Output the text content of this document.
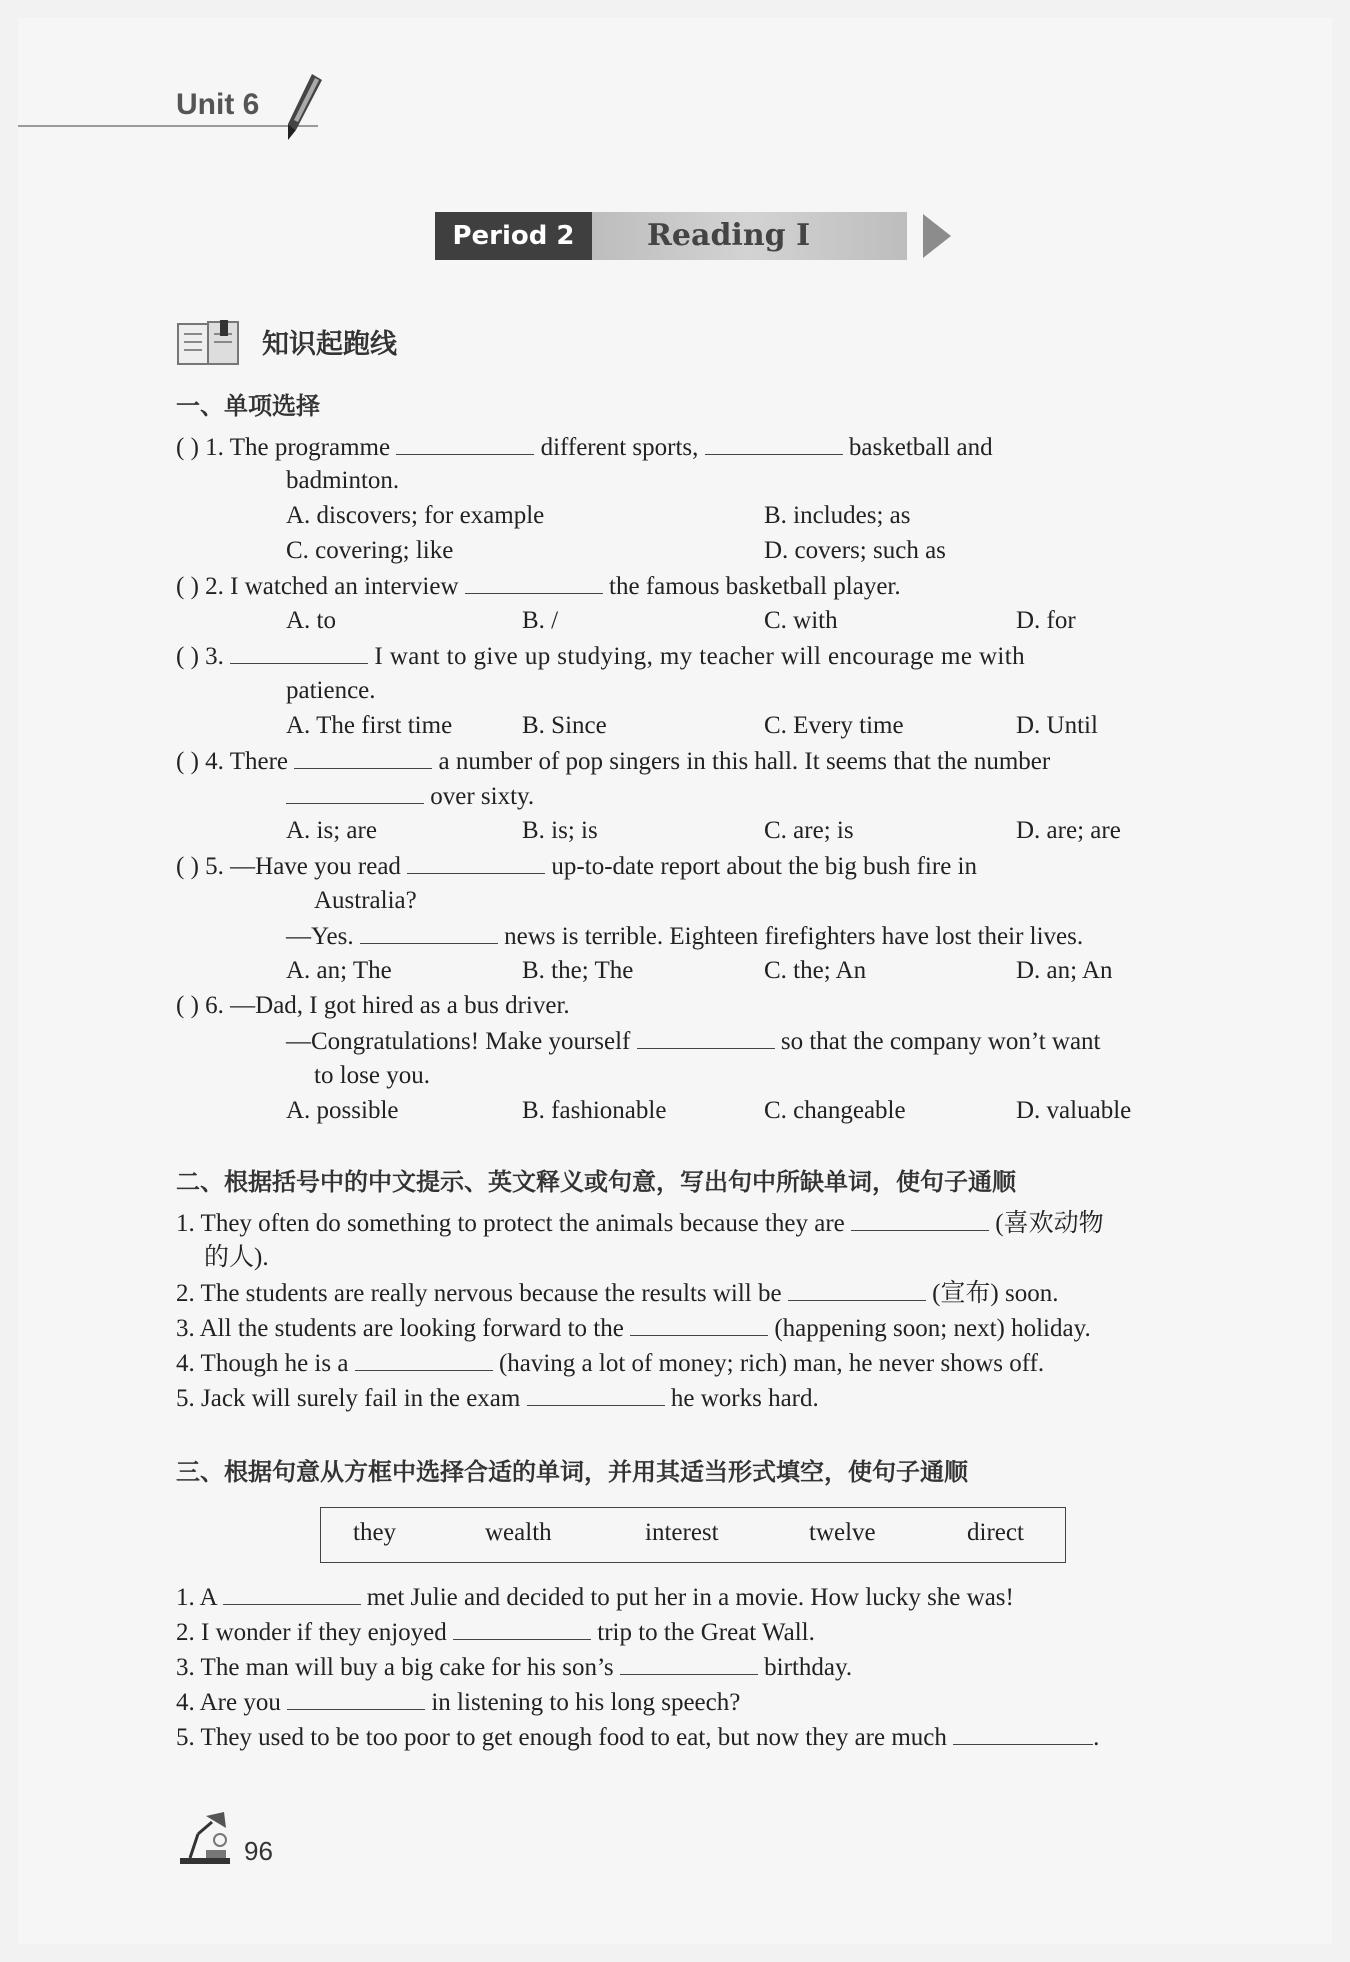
Unit 6
Period 2	Reading I
知识起跑线
一、单项选择
( ) 1. The programme	different sports,	basketball and
badminton.
A. discovers; for example	B. includes; as
C. covering; like	D. covers; such as
( ) 2. I watched an interview	the famous basketball player.
A. to	B. /	C. with	D. for
( ) 3.	I want to give up studying, my teacher will encourage me with
patience.
A. The first time	B. Since	C. Every time	D. Until
( ) 4. There	a number of pop singers in this hall. It seems that the number
over sixty.
A. is; are	B. is; is	C. are; is	D. are; are
( ) 5. —Have you read	up-to-date report about the big bush fire in
Australia?
—Yes.	news is terrible. Eighteen firefighters have lost their lives.
A. an; The	B. the; The	C. the; An	D. an; An
( ) 6. —Dad, I got hired as a bus driver.
—Congratulations! Make yourself	so that the company won’t want
to lose you.
A. possible	B. fashionable	C. changeable	D. valuable
二、根据括号中的中文提示、英文释义或句意，写出句中所缺单词，使句子通顺
1. They often do something to protect the animals because they are	(喜欢动物
的人).
2. The students are really nervous because the results will be	(宣布) soon.
3. All the students are looking forward to the	(happening soon; next) holiday.
4. Though he is a	(having a lot of money; rich) man, he never shows off.
5. Jack will surely fail in the exam	he works hard.
三、根据句意从方框中选择合适的单词，并用其适当形式填空，使句子通顺
they	wealth	interest	twelve	direct
1. A	met Julie and decided to put her in a movie. How lucky she was!
2. I wonder if they enjoyed	trip to the Great Wall.
3. The man will buy a big cake for his son’s	birthday.
4. Are you	in listening to his long speech?
5. They used to be too poor to get enough food to eat, but now they are much	.
96
